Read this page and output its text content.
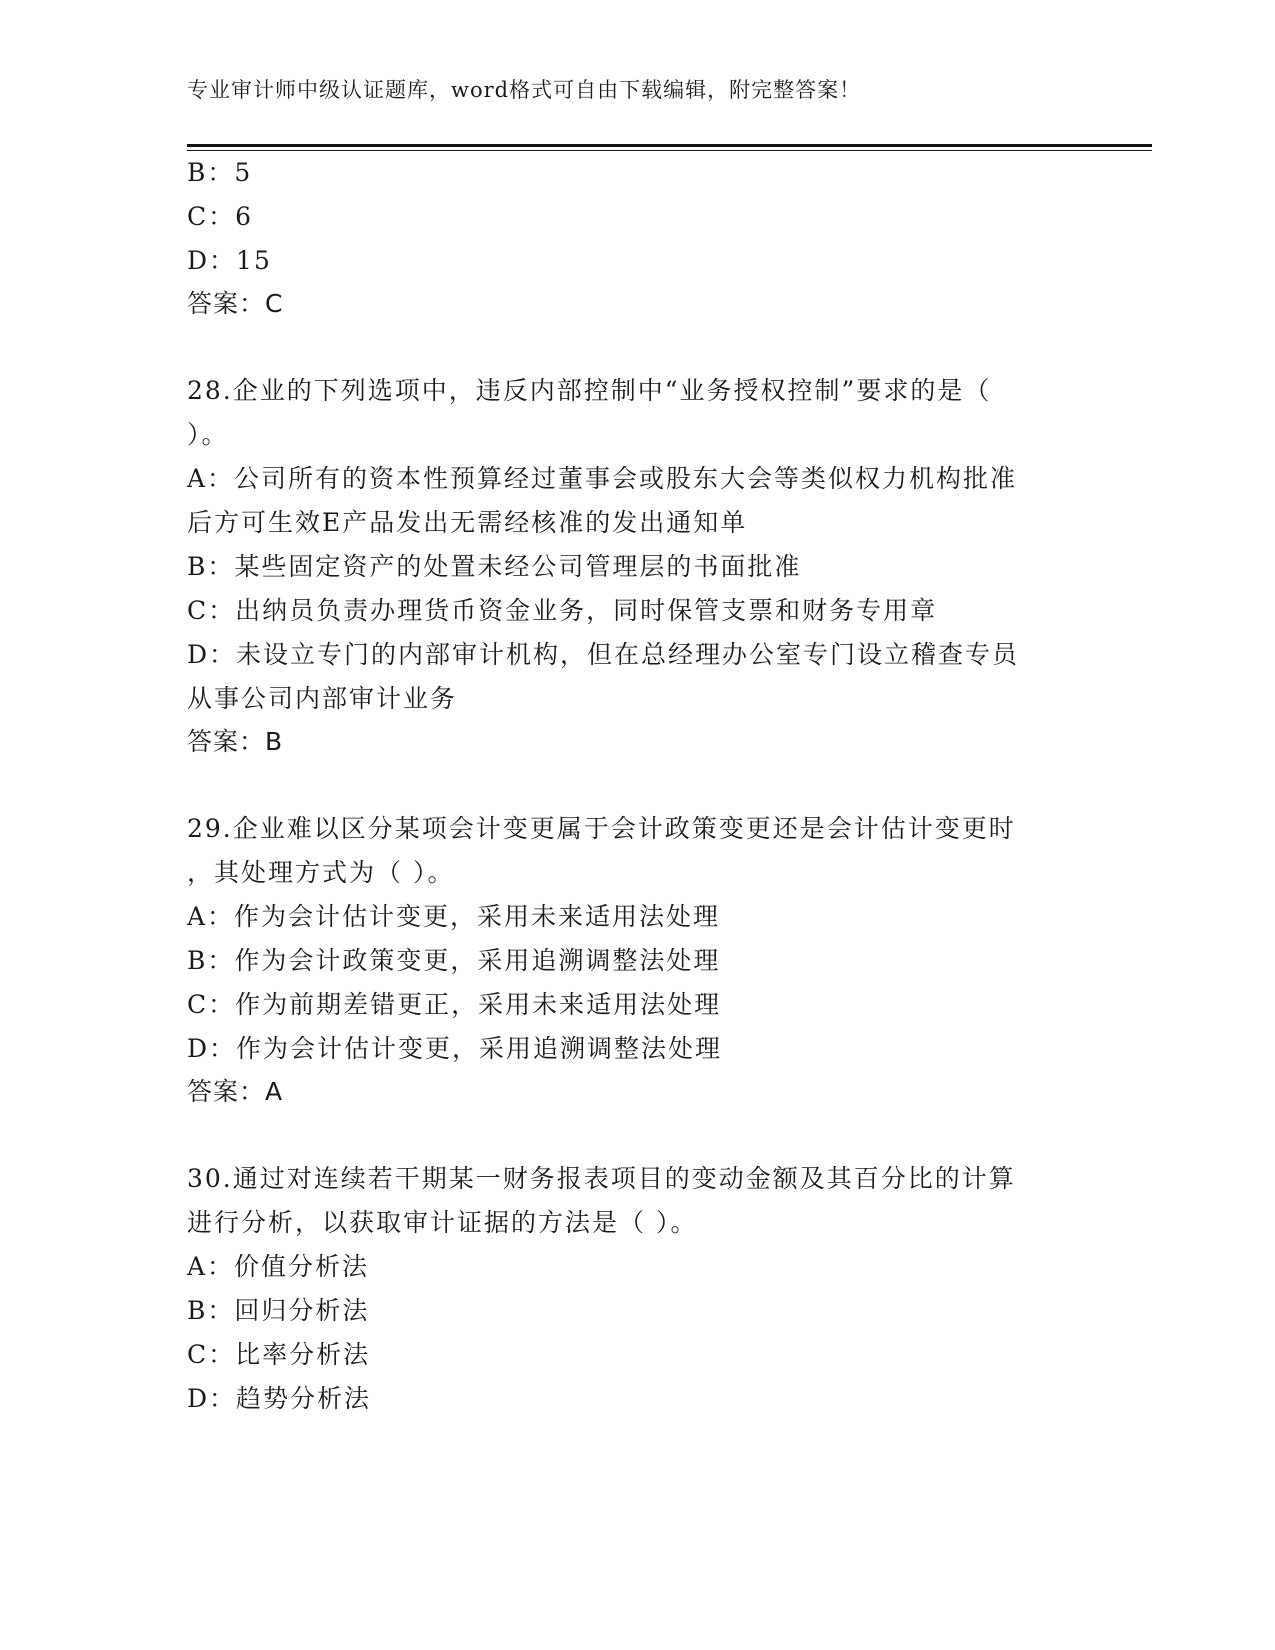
专业审计师中级认证题库，word格式可自由下载编辑，附完整答案！
B：5
C：6
D：15
答案：C
28.企业的下列选项中，违反内部控制中“业务授权控制”要求的是（
）。
A：公司所有的资本性预算经过董事会或股东大会等类似权力机构批准
后方可生效E产品发出无需经核准的发出通知单
B：某些固定资产的处置未经公司管理层的书面批准
C：出纳员负责办理货币资金业务，同时保管支票和财务专用章
D：未设立专门的内部审计机构，但在总经理办公室专门设立稽查专员
从事公司内部审计业务
答案：B
29.企业难以区分某项会计变更属于会计政策变更还是会计估计变更时
，其处理方式为（ ）。
A：作为会计估计变更，采用未来适用法处理
B：作为会计政策变更，采用追溯调整法处理
C：作为前期差错更正，采用未来适用法处理
D：作为会计估计变更，采用追溯调整法处理
答案：A
30.通过对连续若干期某一财务报表项目的变动金额及其百分比的计算
进行分析，以获取审计证据的方法是（ ）。
A：价值分析法
B：回归分析法
C：比率分析法
D：趋势分析法
